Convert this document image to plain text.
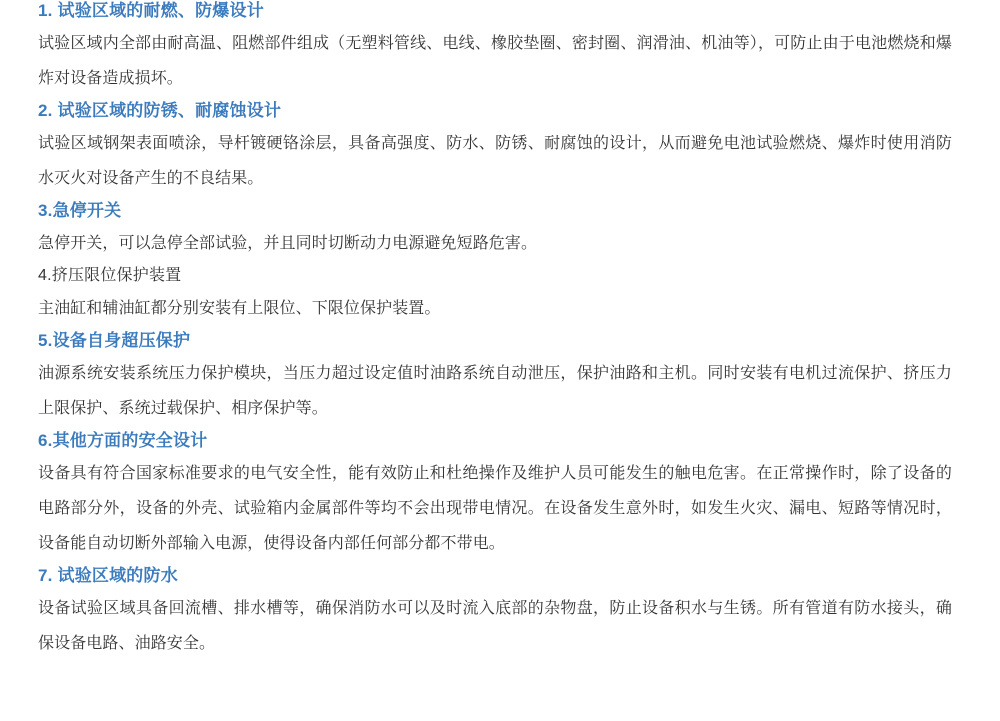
1. 试验区域的耐燃、防爆设计

试验区域内全部由耐高温、阻燃部件组成（无塑料管线、电线、橡胶垫圈、密封圈、润滑油、机油等），可防止由于电池燃烧和爆炸对设备造成损坏。

2. 试验区域的防锈、耐腐蚀设计

试验区域钢架表面喷涂，导杆镀硬铬涂层，具备高强度、防水、防锈、耐腐蚀的设计，从而避免电池试验燃烧、爆炸时使用消防水灭火对设备产生的不良结果。

3.急停开关

急停开关，可以急停全部试验，并且同时切断动力电源避免短路危害。

4.挤压限位保护装置

主油缸和辅油缸都分别安装有上限位、下限位保护装置。

5.设备自身超压保护

油源系统安装系统压力保护模块，当压力超过设定值时油路系统自动泄压，保护油路和主机。同时安装有电机过流保护、挤压力上限保护、系统过载保护、相序保护等。

6.其他方面的安全设计

设备具有符合国家标准要求的电气安全性，能有效防止和杜绝操作及维护人员可能发生的触电危害。在正常操作时，除了设备的电路部分外，设备的外壳、试验箱内金属部件等均不会出现带电情况。在设备发生意外时，如发生火灾、漏电、短路等情况时，设备能自动切断外部输入电源，使得设备内部任何部分都不带电。

7. 试验区域的防水

设备试验区域具备回流槽、排水槽等，确保消防水可以及时流入底部的杂物盘，防止设备积水与生锈。所有管道有防水接头，确保设备电路、油路安全。
